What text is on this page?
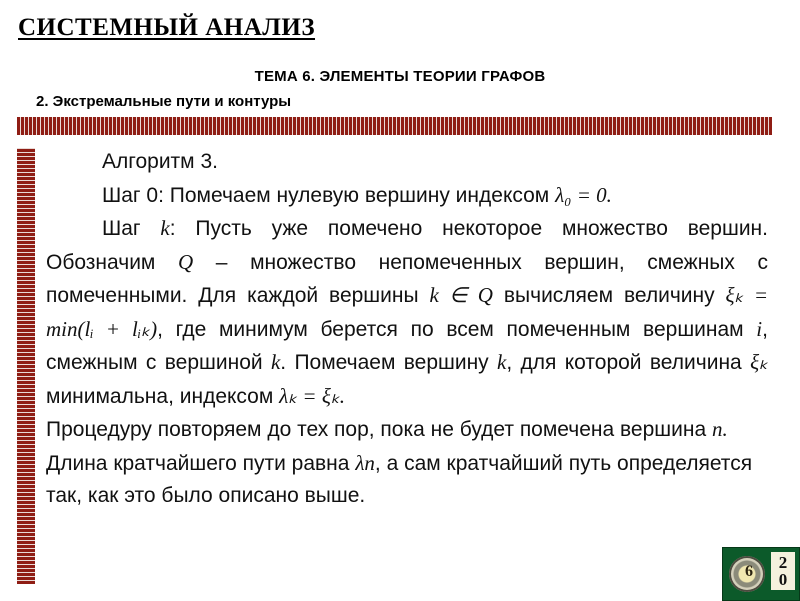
СИСТЕМНЫЙ АНАЛИЗ
ТЕМА 6. ЭЛЕМЕНТЫ ТЕОРИИ ГРАФОВ
2. Экстремальные пути и контуры

Алгоритм 3.

Шаг 0: Помечаем нулевую вершину индексом λ₀ = 0.

Шаг k: Пусть уже помечено некоторое множество вершин. Обозначим Q – множество непомеченных вершин, смежных с помеченными. Для каждой вершины k ∈ Q вычисляем величину ξₖ = min(lᵢ + lᵢₖ), где минимум берется по всем помеченным вершинам i, смежным с вершиной k. Помечаем вершину k, для которой величина ξₖ минимальна, индексом λₖ = ξₖ.

Процедуру повторяем до тех пор, пока не будет помечена вершина n. Длина кратчайшего пути равна λn, а сам кратчайший путь определяется так, как это было описано выше.

6	2
0
